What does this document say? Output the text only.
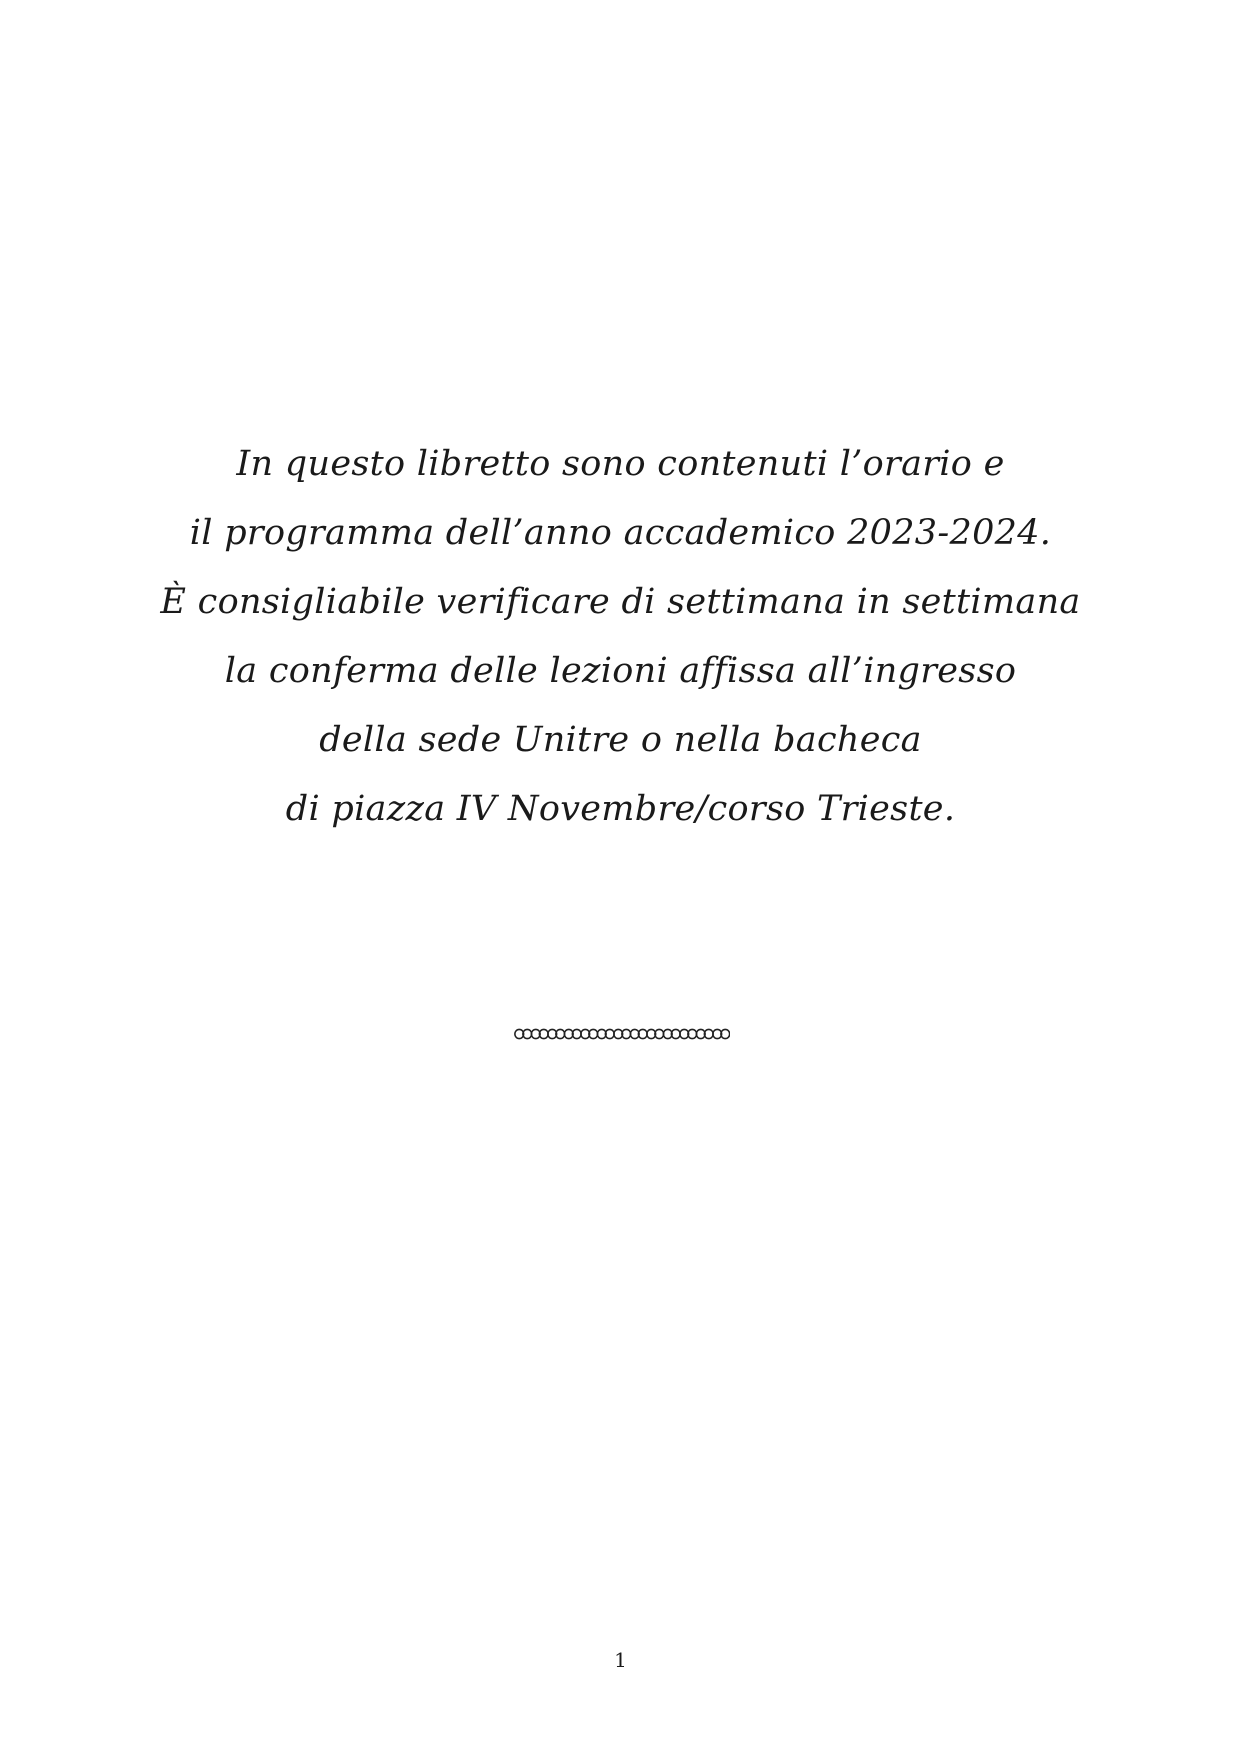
In questo libretto sono contenuti l’orario e
il programma dell’anno accademico 2023-2024.
È consigliabile verificare di settimana in settimana
la conferma delle lezioni affissa all’ingresso
della sede Unitre o nella bacheca
di piazza IV Novembre/corso Trieste.
1
